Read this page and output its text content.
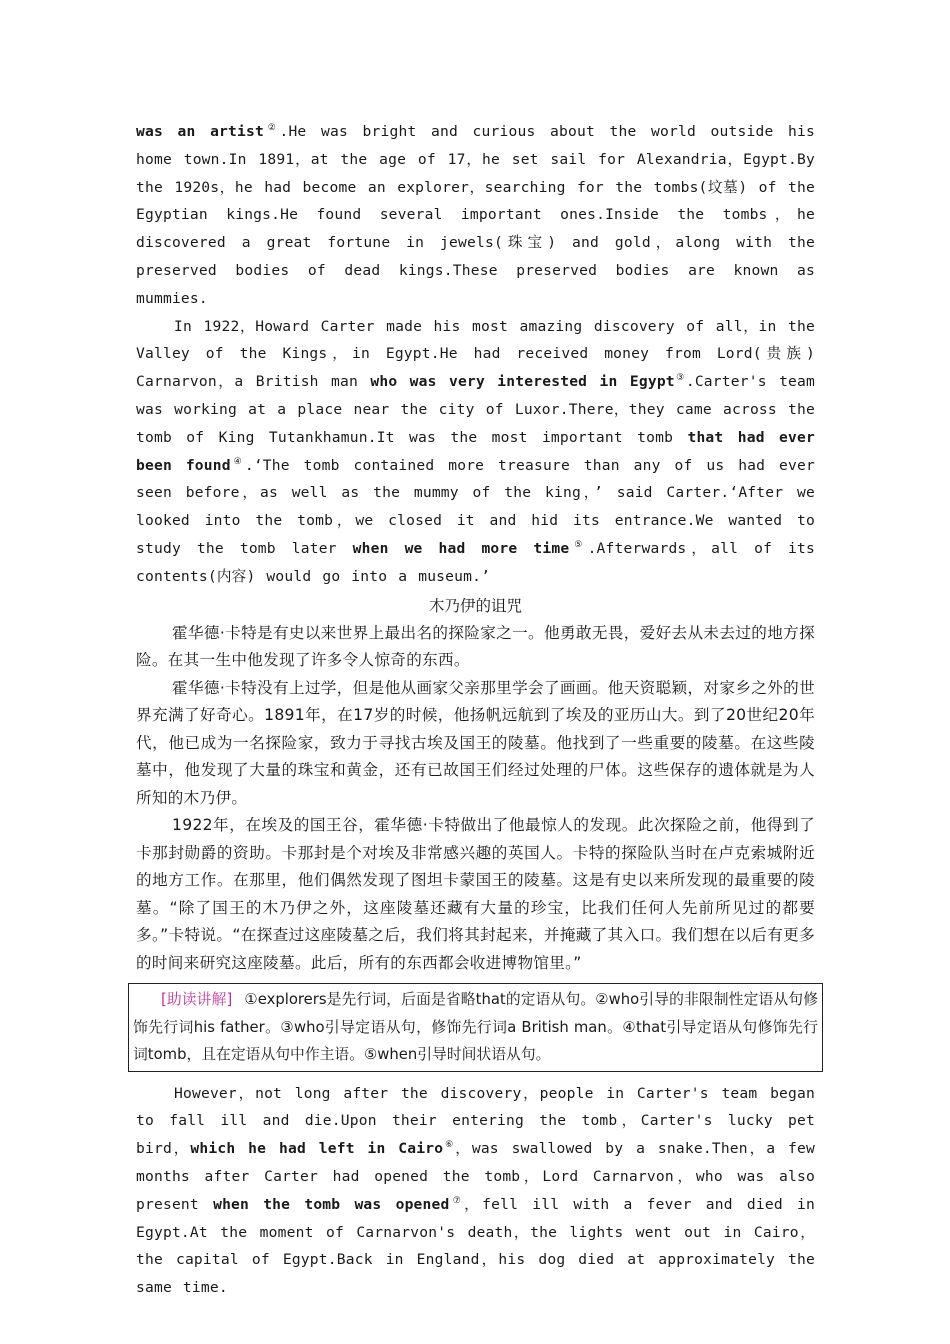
was an artist②.He was bright and curious about the world outside his home town.In 1891，at the age of 17，he set sail for Alexandria，Egypt.By the 1920s，he had become an explorer，searching for the tombs(坟墓) of the Egyptian kings.He found several important ones.Inside the tombs，he discovered a great fortune in jewels(珠宝) and gold，along with the preserved bodies of dead kings.These preserved bodies are known as mummies.

In 1922，Howard Carter made his most amazing discovery of all，in the Valley of the Kings，in Egypt.He had received money from Lord(贵族) Carnarvon，a British man who was very interested in Egypt③.Carter's team was working at a place near the city of Luxor.There，they came across the tomb of King Tutankhamun.It was the most important tomb that had ever been found④.‘The tomb contained more treasure than any of us had ever seen before，as well as the mummy of the king，’ said Carter.‘After we looked into the tomb，we closed it and hid its entrance.We wanted to study the tomb later when we had more time⑤.Afterwards，all of its contents(内容) would go into a museum.’

木乃伊的诅咒

霍华德·卡特是有史以来世界上最出名的探险家之一。他勇敢无畏，爱好去从未去过的地方探险。在其一生中他发现了许多令人惊奇的东西。

霍华德·卡特没有上过学，但是他从画家父亲那里学会了画画。他天资聪颖，对家乡之外的世界充满了好奇心。1891年，在17岁的时候，他扬帆远航到了埃及的亚历山大。到了20世纪20年代，他已成为一名探险家，致力于寻找古埃及国王的陵墓。他找到了一些重要的陵墓。在这些陵墓中，他发现了大量的珠宝和黄金，还有已故国王们经过处理的尸体。这些保存的遗体就是为人所知的木乃伊。

1922年，在埃及的国王谷，霍华德·卡特做出了他最惊人的发现。此次探险之前，他得到了卡那封勋爵的资助。卡那封是个对埃及非常感兴趣的英国人。卡特的探险队当时在卢克索城附近的地方工作。在那里，他们偶然发现了图坦卡蒙国王的陵墓。这是有史以来所发现的最重要的陵墓。“除了国王的木乃伊之外，这座陵墓还藏有大量的珍宝，比我们任何人先前所见过的都要多。”卡特说。“在探查过这座陵墓之后，我们将其封起来，并掩藏了其入口。我们想在以后有更多的时间来研究这座陵墓。此后，所有的东西都会收进博物馆里。”

[助读讲解] ①explorers是先行词，后面是省略that的定语从句。②who引导的非限制性定语从句修饰先行词his father。③who引导定语从句，修饰先行词a British man。④that引导定语从句修饰先行词tomb，且在定语从句中作主语。⑤when引导时间状语从句。

However，not long after the discovery，people in Carter's team began to fall ill and die.Upon their entering the tomb，Carter's lucky pet bird，which he had left in Cairo⑥，was swallowed by a snake.Then，a few months after Carter had opened the tomb，Lord Carnarvon，who was also present when the tomb was opened⑦，fell ill with a fever and died in Egypt.At the moment of Carnarvon's death，the lights went out in Cairo，the capital of Egypt.Back in England，his dog died at approximately the same time.
